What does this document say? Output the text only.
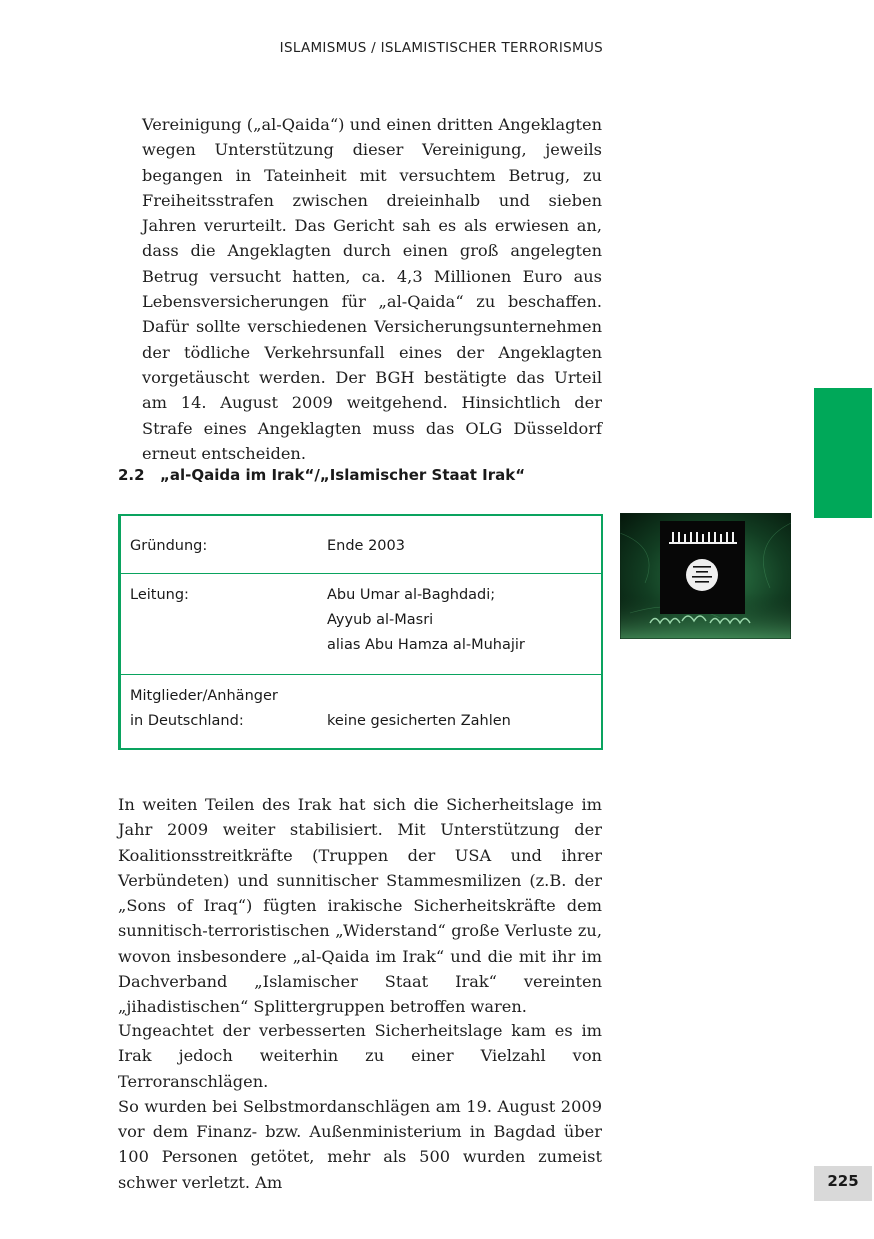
ISLAMISMUS / ISLAMISTISCHER TERRORISMUS

Vereinigung („al-Qaida“) und einen dritten Angeklagten wegen Unterstützung dieser Vereinigung, jeweils begangen in Tateinheit mit versuchtem Betrug, zu Freiheitsstrafen zwischen dreieinhalb und sieben Jahren verurteilt. Das Gericht sah es als erwiesen an, dass die Angeklagten durch einen groß angelegten Betrug versucht hatten, ca. 4,3 Millionen Euro aus Lebensversicherungen für „al-Qaida“ zu beschaffen. Dafür sollte verschiedenen Versicherungsunternehmen der tödliche Verkehrsunfall eines der Angeklagten vorgetäuscht werden. Der BGH bestätigte das Urteil am 14. August 2009 weitgehend. Hinsichtlich der Strafe eines Angeklagten muss das OLG Düsseldorf erneut entscheiden.

2.2 „al-Qaida im Irak“/„Islamischer Staat Irak“
Gründung:	Ende 2003
Leitung:	Abu Umar al-Baghdadi;
Ayyub al-Masri
alias Abu Hamza al-Muhajir
Mitglieder/Anhänger
in Deutschland:	keine gesicherten Zahlen

In weiten Teilen des Irak hat sich die Sicherheitslage im Jahr 2009 weiter stabilisiert. Mit Unterstützung der Koalitionsstreitkräfte (Truppen der USA und ihrer Verbündeten) und sunnitischer Stammesmilizen (z.B. der „Sons of Iraq“) fügten irakische Sicherheitskräfte dem sunnitisch-terroristischen „Widerstand“ große Verluste zu, wovon insbesondere „al-Qaida im Irak“ und die mit ihr im Dachverband „Islamischer Staat Irak“ vereinten „jihadistischen“ Splittergruppen betroffen waren.

Ungeachtet der verbesserten Sicherheitslage kam es im Irak jedoch weiterhin zu einer Vielzahl von Terroranschlägen.

So wurden bei Selbstmordanschlägen am 19. August 2009 vor dem Finanz- bzw. Außenministerium in Bagdad über 100 Personen getötet, mehr als 500 wurden zumeist schwer verletzt. Am	225
